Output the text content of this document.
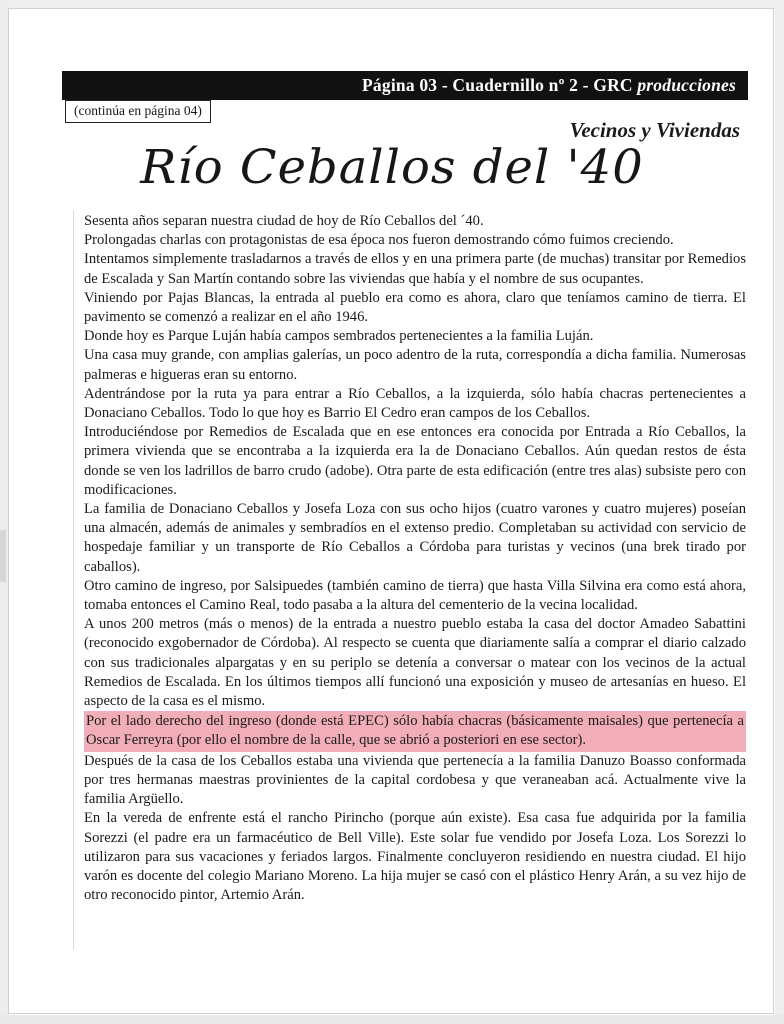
Página 03 - Cuadernillo nº 2 - GRC producciones
(continúa en página 04)
Vecinos y Viviendas
Río Ceballos del '40

Sesenta años separan nuestra ciudad de hoy de Río Ceballos del ´40.

Prolongadas charlas con protagonistas de esa época nos fueron demostrando cómo fuimos creciendo.

Intentamos simplemente trasladarnos a través de ellos y en una primera parte (de muchas) transitar por Remedios de Escalada y San Martín contando sobre las viviendas que había y el nombre de sus ocupantes.

Viniendo por Pajas Blancas, la entrada al pueblo era como es ahora, claro que teníamos camino de tierra. El pavimento se comenzó a realizar en el año 1946.

Donde hoy es Parque Luján había campos sembrados pertenecientes a la familia Luján.

Una casa muy grande, con amplias galerías, un poco adentro de la ruta, correspondía a dicha familia. Numerosas palmeras e higueras eran su entorno.

Adentrándose por la ruta ya para entrar a Río Ceballos, a la izquierda, sólo había chacras pertenecientes a Donaciano Ceballos. Todo lo que hoy es Barrio El Cedro eran campos de los Ceballos.

Introduciéndose por Remedios de Escalada que en ese entonces era conocida por Entrada a Río Ceballos, la primera vivienda que se encontraba a la izquierda era la de Donaciano Ceballos. Aún quedan restos de ésta donde se ven los ladrillos de barro crudo (adobe). Otra parte de esta edificación (entre tres alas) subsiste pero con modificaciones.

La familia de Donaciano Ceballos y Josefa Loza con sus ocho hijos (cuatro varones y cuatro mujeres) poseían una almacén, además de animales y sembradíos en el extenso predio. Completaban su actividad con servicio de hospedaje familiar y un transporte de Río Ceballos a Córdoba para turistas y vecinos (una brek tirado por caballos).

Otro camino de ingreso, por Salsipuedes (también camino de tierra) que hasta Villa Silvina era como está ahora, tomaba entonces el Camino Real, todo pasaba a la altura del cementerio de la vecina localidad.

A unos 200 metros (más o menos) de la entrada a nuestro pueblo estaba la casa del doctor Amadeo Sabattini (reconocido exgobernador de Córdoba). Al respecto se cuenta que diariamente salía a comprar el diario calzado con sus tradicionales alpargatas y en su periplo se detenía a conversar o matear con los vecinos de la actual Remedios de Escalada. En los últimos tiempos allí funcionó una exposición y museo de artesanías en hueso. El aspecto de la casa es el mismo.

Por el lado derecho del ingreso (donde está EPEC) sólo había chacras (básicamente maisales) que pertenecía a Oscar Ferreyra (por ello el nombre de la calle, que se abrió a posteriori en ese sector).

Después de la casa de los Ceballos estaba una vivienda que pertenecía a la familia Danuzo Boasso conformada por tres hermanas maestras provinientes de la capital cordobesa y que veraneaban acá. Actualmente vive la familia Argüello.

En la vereda de enfrente está el rancho Pirincho (porque aún existe). Esa casa fue adquirida por la familia Sorezzi (el padre era un farmacéutico de Bell Ville). Este solar fue vendido por Josefa Loza. Los Sorezzi lo utilizaron para sus vacaciones y feriados largos. Finalmente concluyeron residiendo en nuestra ciudad. El hijo varón es docente del colegio Mariano Moreno. La hija mujer se casó con el plástico Henry Arán, a su vez hijo de otro reconocido pintor, Artemio Arán.
